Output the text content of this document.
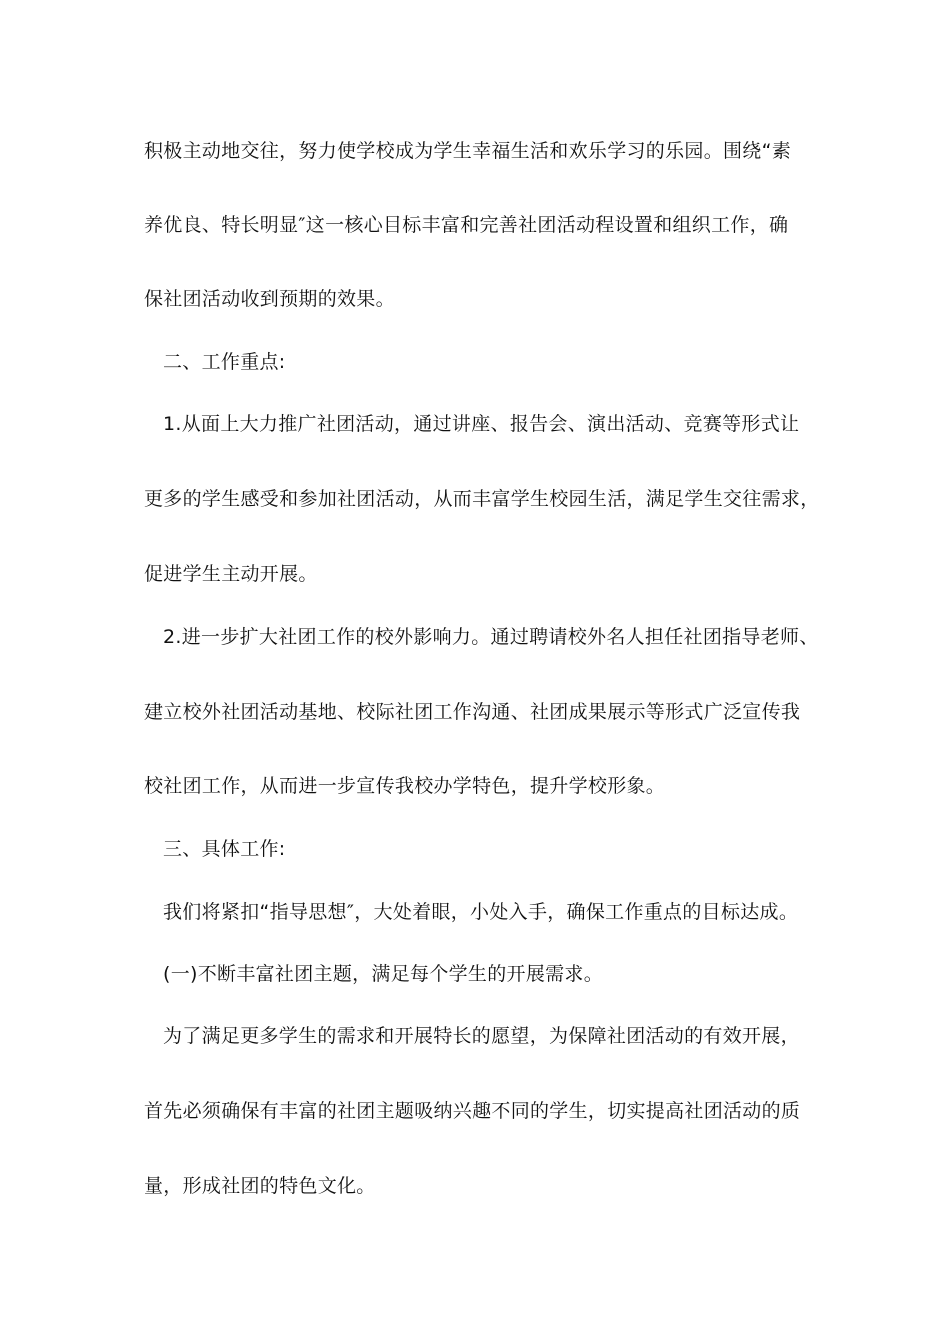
积极主动地交往，努力使学校成为学生幸福生活和欢乐学习的乐园。围绕“素
养优良、特长明显″这一核心目标丰富和完善社团活动程设置和组织工作，确
保社团活动收到预期的效果。
二、工作重点:
1.从面上大力推广社团活动，通过讲座、报告会、演出活动、竞赛等形式让
更多的学生感受和参加社团活动，从而丰富学生校园生活，满足学生交往需求，
促进学生主动开展。
2.进一步扩大社团工作的校外影响力。通过聘请校外名人担任社团指导老师、
建立校外社团活动基地、校际社团工作沟通、社团成果展示等形式广泛宣传我
校社团工作，从而进一步宣传我校办学特色，提升学校形象。
三、具体工作:
我们将紧扣“指导思想″，大处着眼，小处入手，确保工作重点的目标达成。
(一)不断丰富社团主题，满足每个学生的开展需求。
为了满足更多学生的需求和开展特长的愿望，为保障社团活动的有效开展，
首先必须确保有丰富的社团主题吸纳兴趣不同的学生，切实提高社团活动的质
量，形成社团的特色文化。
